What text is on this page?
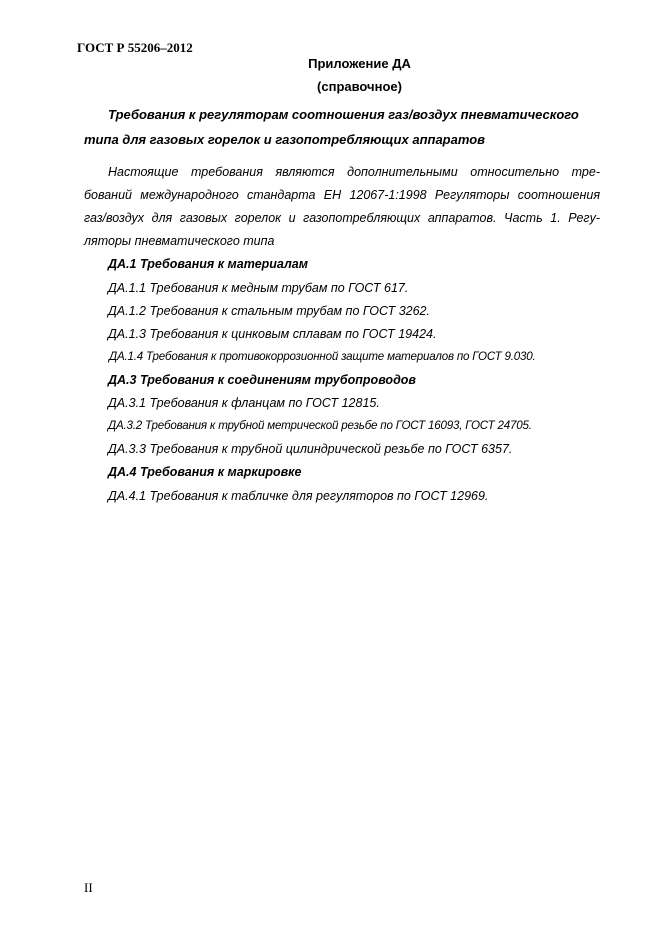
ГОСТ Р 55206–2012
Приложение ДА
(справочное)
Требования к регуляторам соотношения газ/воздух пневматического
типа для газовых горелок и газопотребляющих аппаратов
Настоящие требования являются дополнительными относительно тре-
бований международного стандарта ЕН 12067-1:1998 Регуляторы соотношения
газ/воздух для газовых горелок и газопотребляющих аппаратов. Часть 1. Регу-
ляторы пневматического типа
ДА.1 Требования к материалам
ДА.1.1 Требования к медным трубам по ГОСТ 617.
ДА.1.2 Требования к стальным трубам по ГОСТ 3262.
ДА.1.3 Требования к цинковым сплавам по ГОСТ 19424.
ДА.1.4 Требования к противокоррозионной защите материалов по ГОСТ 9.030.
ДА.3 Требования к соединениям трубопроводов
ДА.3.1 Требования к фланцам по ГОСТ 12815.
ДА.3.2 Требования к трубной метрической резьбе по ГОСТ 16093, ГОСТ 24705.
ДА.3.3 Требования к трубной цилиндрической резьбе по ГОСТ 6357.
ДА.4 Требования к маркировке
ДА.4.1 Требования к табличке для регуляторов по ГОСТ 12969.
II
